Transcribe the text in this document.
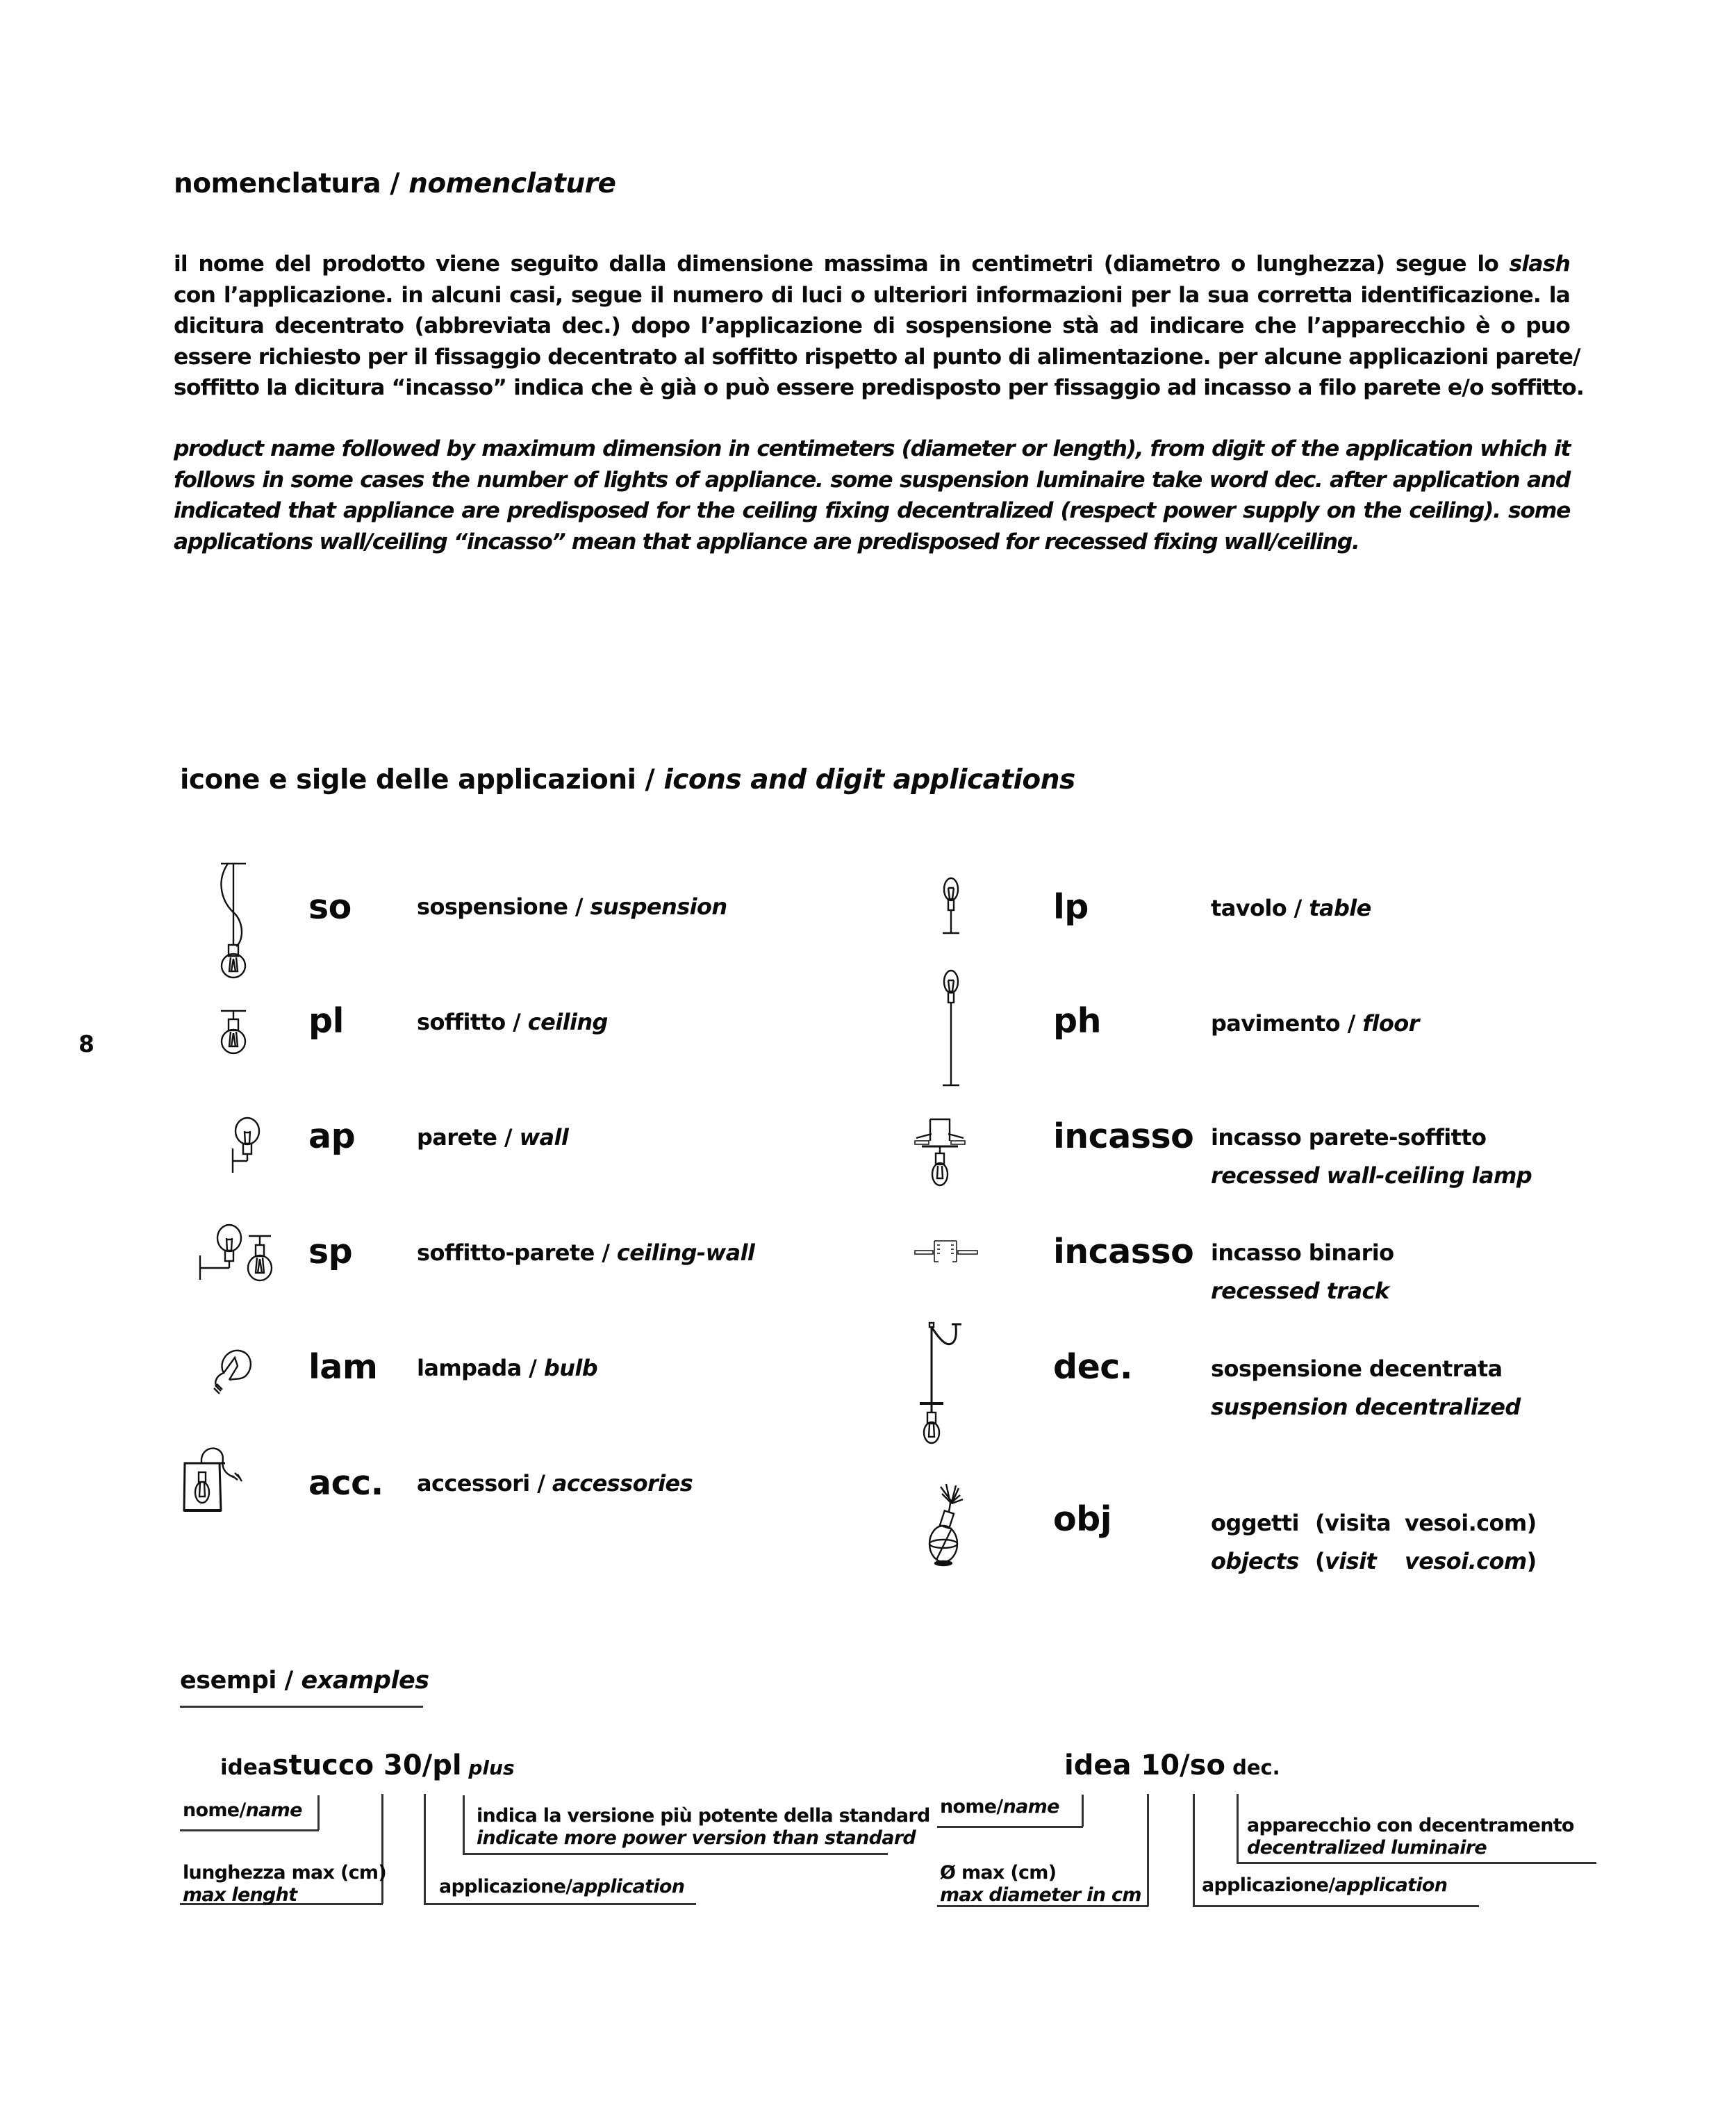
8
nomenclatura / nomenclature
il nome del prodotto viene seguito dalla dimensione massima in centimetri (diametro o lunghezza) segue lo slash
con l’applicazione. in alcuni casi, segue il numero di luci o ulteriori informazioni per la sua corretta identificazione. la
dicitura decentrato (abbreviata dec.) dopo l’applicazione di sospensione stà ad indicare che l’apparecchio è o puo
essere richiesto per il fissaggio decentrato al soffitto rispetto al punto di alimentazione. per alcune applicazioni parete/
soffitto la dicitura “incasso” indica che è già o può essere predisposto per fissaggio ad incasso a filo parete e/o soffitto.
product name followed by maximum dimension in centimeters (diameter or length), from digit of the application which it
follows in some cases the number of lights of appliance. some suspension luminaire take word dec. after application and
indicated that appliance are predisposed for the ceiling fixing decentralized (respect power supply on the ceiling). some
applications wall/ceiling “incasso” mean that appliance are predisposed for recessed fixing wall/ceiling.
icone e sigle delle applicazioni / icons and digit applications
so	sospensione / suspension
pl	soffitto / ceiling
ap	parete / wall
sp	soffitto-parete / ceiling-wall
lam lampada / bulb
acc. accessori / accessories
lp	tavolo / table
ph	pavimento / floor
incasso incasso parete-soffitto
recessed wall-ceiling lamp
incasso incasso binario
recessed track
dec.	sospensione decentrata
suspension decentralized
obj	oggetti (visita vesoi.com)
objects (visit vesoi.com)
esempi / examples
ideastucco 30/pl plus
nome/name
lunghezza max (cm)
max lenght	applicazione/application
indica la versione più potente della standard
indicate more power version than standard
idea 10/so dec.
nome/name
Ø max (cm)
max diameter in cm	applicazione/application
apparecchio con decentramento
decentralized luminaire
